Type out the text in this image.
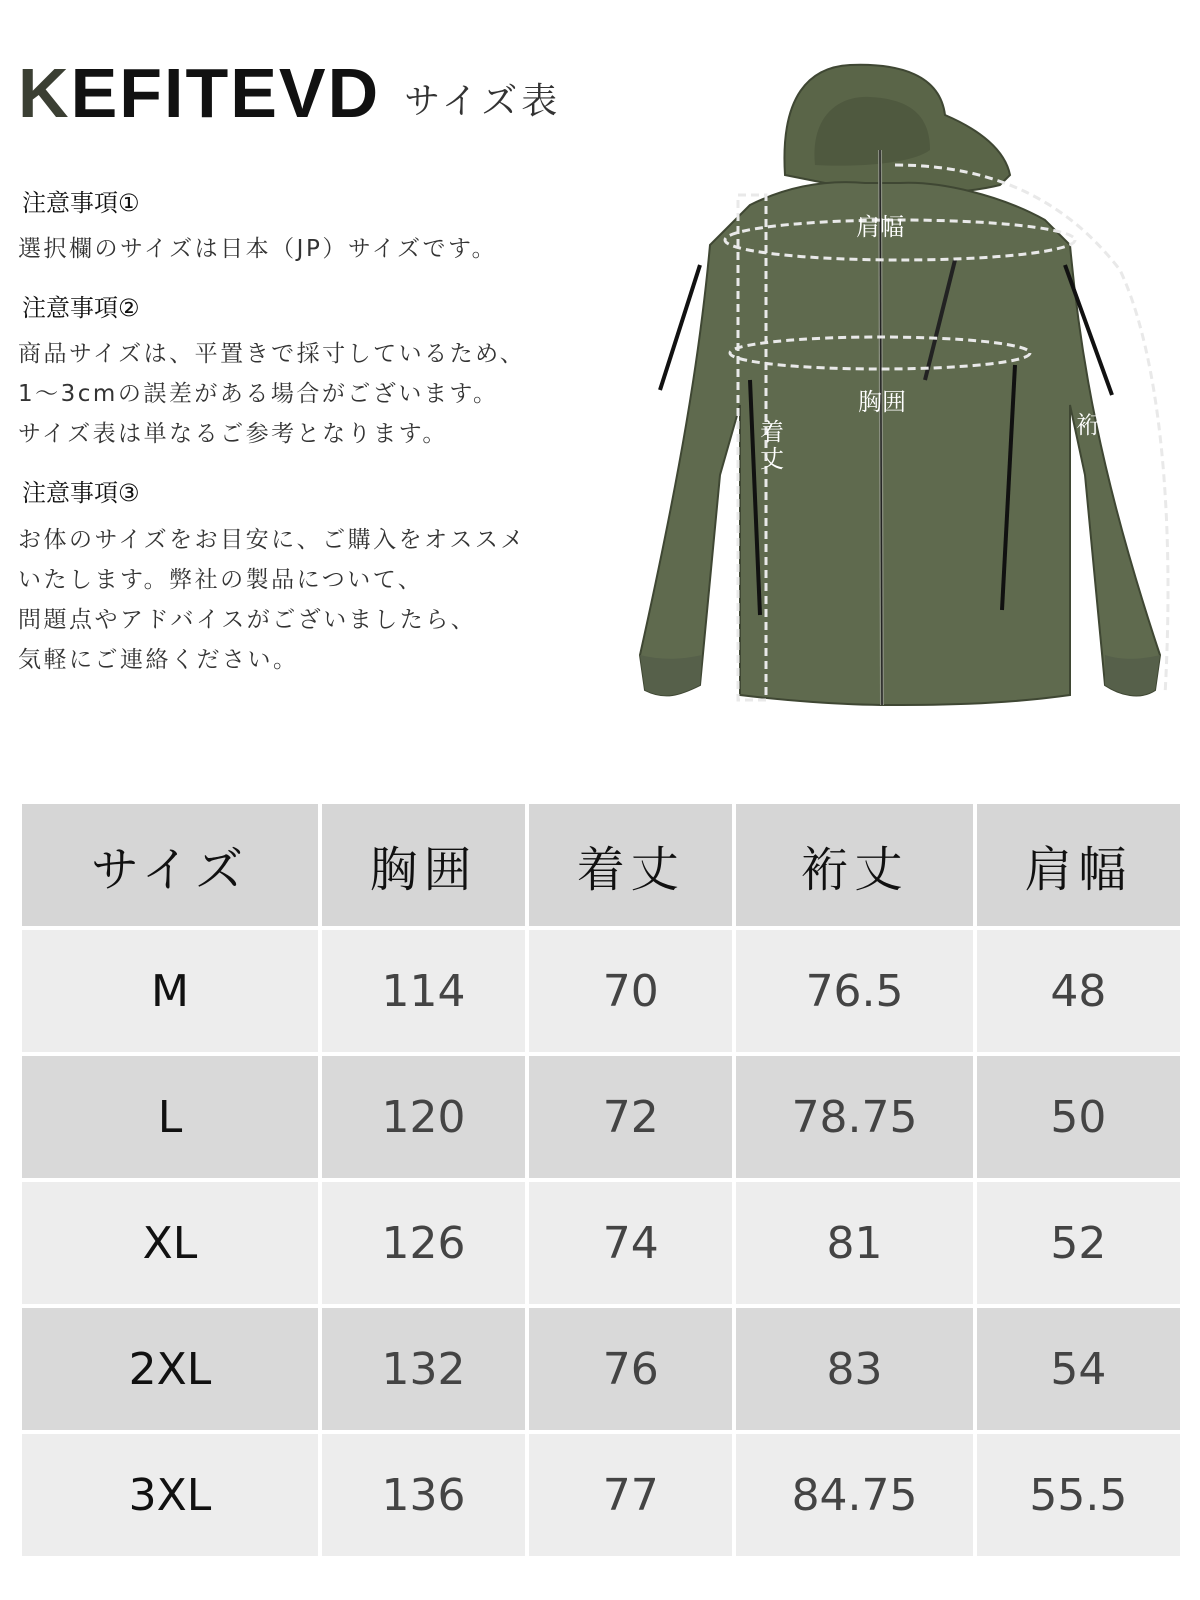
KEFITEVD サイズ表
注意事項①
選択欄のサイズは日本（JP）サイズです。
注意事項②
商品サイズは、平置きで採寸しているため、
1〜3cmの誤差がある場合がございます。
サイズ表は単なるご参考となります。
注意事項③
お体のサイズをお目安に、ご購入をオススメ
いたします。弊社の製品について、
問題点やアドバイスがございましたら、
気軽にご連絡ください。
肩幅
胸囲
着
丈
裄丈
サイズ	胸囲	着丈	裄丈	肩幅
M	114	70	76.5	48
L	120	72	78.75	50
XL	126	74	81	52
2XL	132	76	83	54
3XL	136	77	84.75	55.5
